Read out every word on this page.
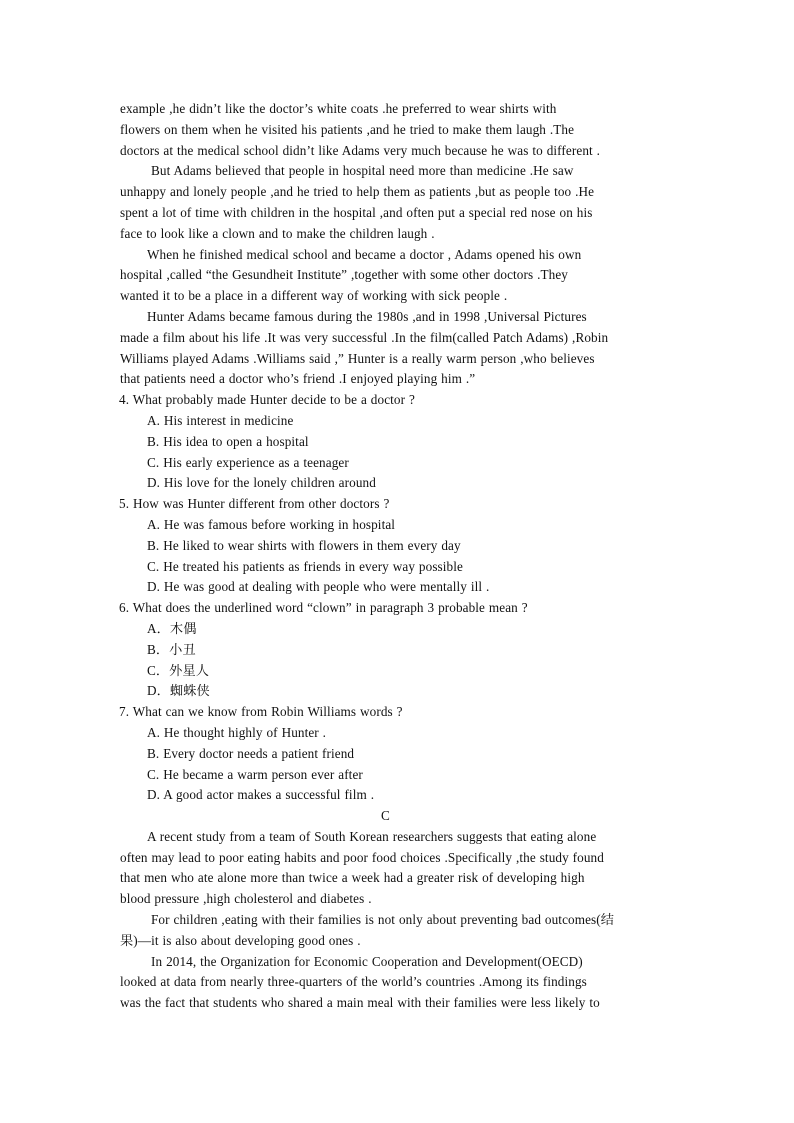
example ,he didn’t like the doctor’s white coats .he preferred to wear shirts with
flowers on them when he visited his patients ,and he tried to make them laugh .The
doctors at the medical school didn’t like Adams very much because he was to different .
But Adams believed that people in hospital need more than medicine .He saw
unhappy and lonely people ,and he tried to help them as patients ,but as people too .He
spent a lot of time with children in the hospital ,and often put a special red nose on his
face to look like a clown and to make the children laugh .
When he finished medical school and became a doctor , Adams opened his own
hospital ,called “the Gesundheit Institute” ,together with some other doctors .They
wanted it to be a place in a different way of working with sick people .
Hunter Adams became famous during the 1980s ,and in 1998 ,Universal Pictures
made a film about his life .It was very successful .In the film(called Patch Adams) ,Robin
Williams played Adams .Williams said ,” Hunter is a really warm person ,who believes
that patients need a doctor who’s friend .I enjoyed playing him .”
4. What probably made Hunter decide to be a doctor ?
A. His interest in medicine
B. His idea to open a hospital
C. His early experience as a teenager
D. His love for the lonely children around
5. How was Hunter different from other doctors ?
A. He was famous before working in hospital
B. He liked to wear shirts with flowers in them every day
C. He treated his patients as friends in every way possible
D. He was good at dealing with people who were mentally ill .
6. What does the underlined word “clown” in paragraph 3 probable mean ?
A．木偶
B．小丑
C．外星人
D．蜘蛛侠
7. What can we know from Robin Williams words ?
A. He thought highly of Hunter .
B. Every doctor needs a patient friend
C. He became a warm person ever after
D. A good actor makes a successful film .
C
A recent study from a team of South Korean researchers suggests that eating alone
often may lead to poor eating habits and poor food choices .Specifically ,the study found
that men who ate alone more than twice a week had a greater risk of developing high
blood pressure ,high cholesterol and diabetes .
For children ,eating with their families is not only about preventing bad outcomes(结
果)—it is also about developing good ones .
In 2014, the Organization for Economic Cooperation and Development(OECD)
looked at data from nearly three-quarters of the world’s countries .Among its findings
was the fact that students who shared a main meal with their families were less likely to
